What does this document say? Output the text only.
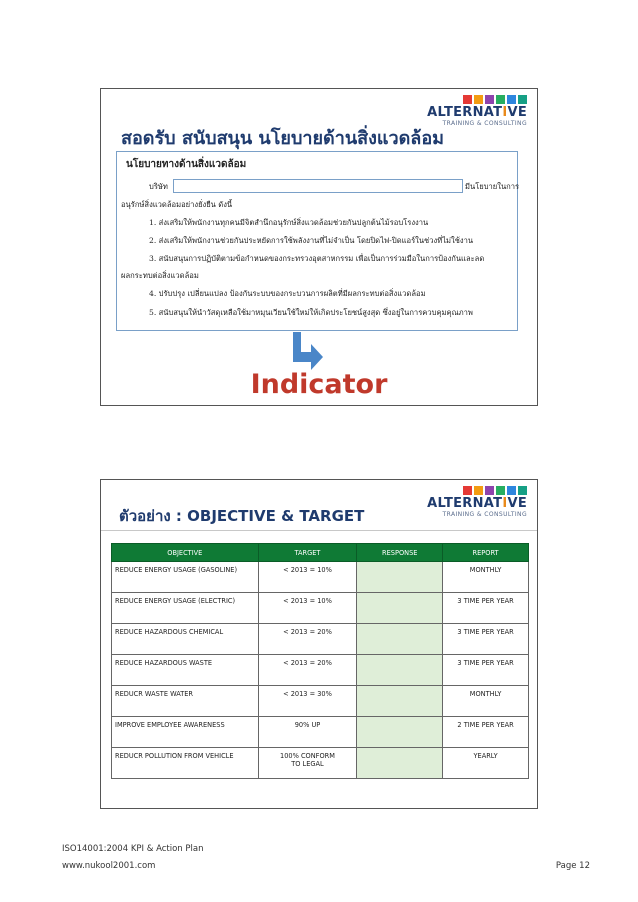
ALTERNATIVE
TRAINING & CONSULTING
สอดรับ สนับสนุน นโยบายด้านสิ่งแวดล้อม
นโยบายทางด้านสิ่งแวดล้อม
บริษัท	มีนโยบายในการ
อนุรักษ์สิ่งแวดล้อมอย่างยั่งยืน ดังนี้
1. ส่งเสริมให้พนักงานทุกคนมีจิตสำนึกอนุรักษ์สิ่งแวดล้อมช่วยกันปลูกต้นไม้รอบโรงงาน
2. ส่งเสริมให้พนักงานช่วยกันประหยัดการใช้พลังงานที่ไม่จำเป็น โดยปิดไฟ-ปิดแอร์ในช่วงที่ไม่ใช้งาน
3. สนับสนุนการปฏิบัติตามข้อกำหนดของกระทรวงอุตสาหกรรม เพื่อเป็นการร่วมมือในการป้องกันและลด
ผลกระทบต่อสิ่งแวดล้อม
4. ปรับปรุง เปลี่ยนแปลง ป้องกันระบบของกระบวนการผลิตที่มีผลกระทบต่อสิ่งแวดล้อม
5. สนับสนุนให้นำวัสดุเหลือใช้มาหมุนเวียนใช้ใหม่ให้เกิดประโยชน์สูงสุด ซึ่งอยู่ในการควบคุมคุณภาพ
Indicator
ALTERNATIVE
TRAINING & CONSULTING
ตัวอย่าง : OBJECTIVE & TARGET
OBJECTIVE	TARGET	RESPONSE	REPORT
REDUCE ENERGY USAGE (GASOLINE)	< 2013 = 10%		MONTHLY
REDUCE ENERGY USAGE (ELECTRIC)	< 2013 = 10%		3 TIME PER YEAR
REDUCE HAZARDOUS CHEMICAL	< 2013 = 20%		3 TIME PER YEAR
REDUCE HAZARDOUS WASTE	< 2013 = 20%		3 TIME PER YEAR
REDUCR WASTE WATER	< 2013 = 30%		MONTHLY
IMPROVE EMPLOYEE AWARENESS	90% UP		2 TIME PER YEAR
REDUCR POLLUTION FROM VEHICLE	100% CONFORM
TO LEGAL		YEARLY
ISO14001:2004 KPI & Action Plan
www.nukool2001.com	Page 12
